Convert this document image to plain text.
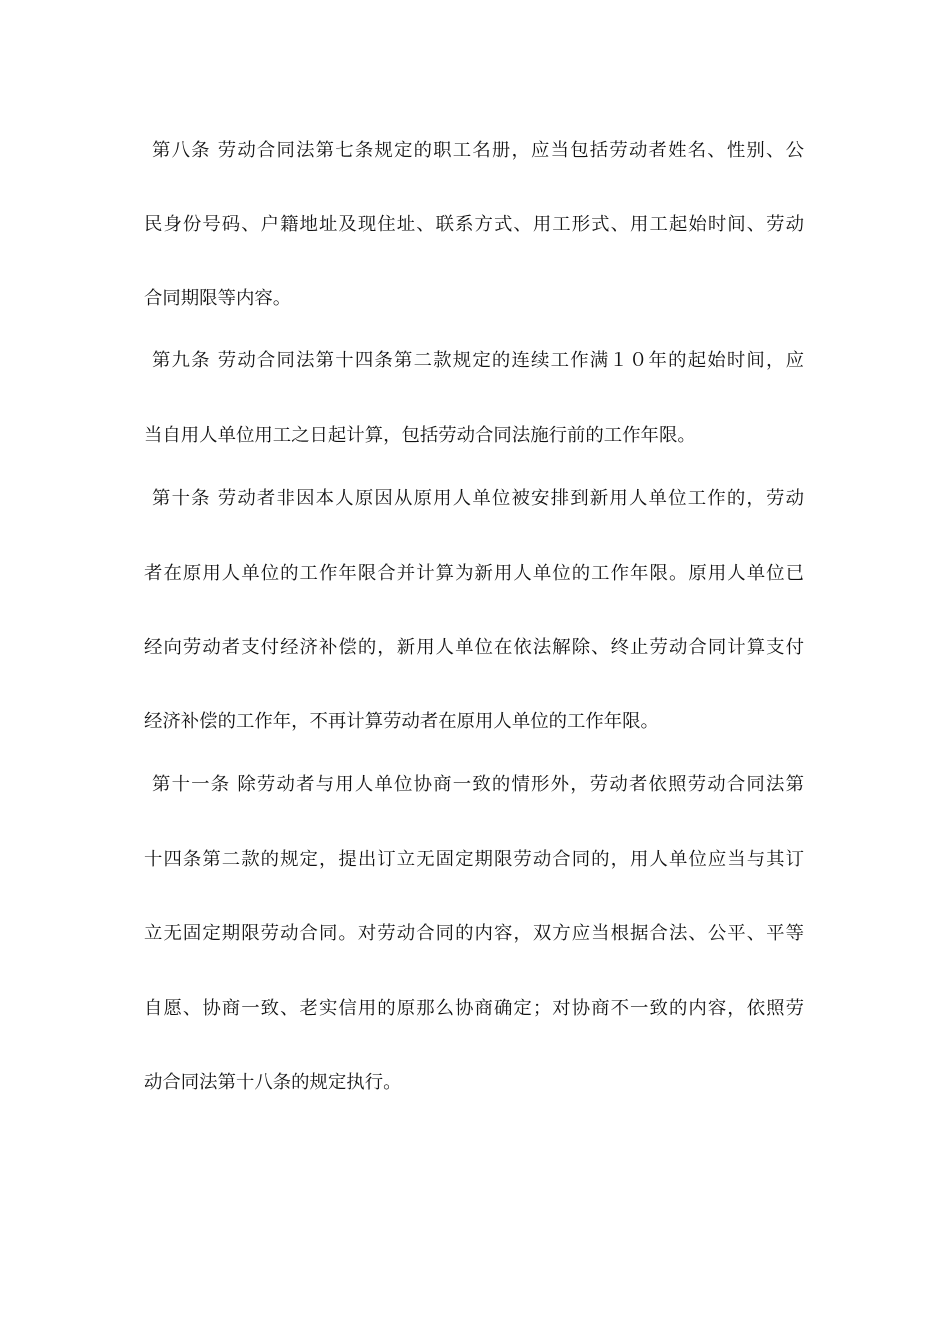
第八条 劳动合同法第七条规定的职工名册，应当包括劳动者姓名、性别、公
民身份号码、户籍地址及现住址、联系方式、用工形式、用工起始时间、劳动
合同期限等内容。
第九条 劳动合同法第十四条第二款规定的连续工作满１０年的起始时间，应
当自用人单位用工之日起计算，包括劳动合同法施行前的工作年限。
第十条 劳动者非因本人原因从原用人单位被安排到新用人单位工作的，劳动
者在原用人单位的工作年限合并计算为新用人单位的工作年限。原用人单位已
经向劳动者支付经济补偿的，新用人单位在依法解除、终止劳动合同计算支付
经济补偿的工作年，不再计算劳动者在原用人单位的工作年限。
第十一条 除劳动者与用人单位协商一致的情形外，劳动者依照劳动合同法第
十四条第二款的规定，提出订立无固定期限劳动合同的，用人单位应当与其订
立无固定期限劳动合同。对劳动合同的内容，双方应当根据合法、公平、平等
自愿、协商一致、老实信用的原那么协商确定；对协商不一致的内容，依照劳
动合同法第十八条的规定执行。
